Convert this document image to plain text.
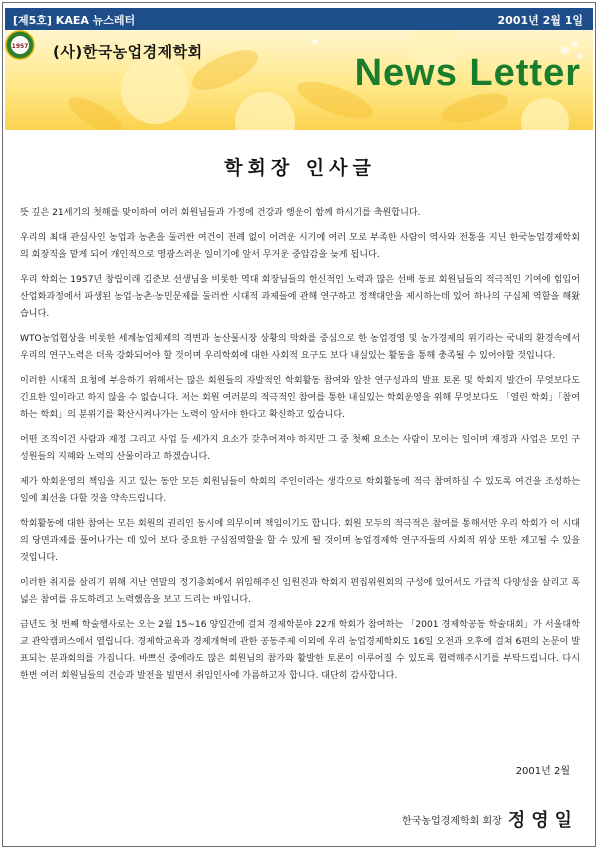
[제5호] KAEA 뉴스레터	2001년 2월 1일
1957 (사)한국농업경제학회	News Letter
학회장 인사글

뜻 깊은 21세기의 첫해를 맞이하여 여러 회원님들과 가정에 건강과 행운이 함께 하시기를 축원합니다.

우리의 최대 관심사인 농업과 농촌을 둘러싼 여건이 전례 없이 어려운 시기에 여러 모로 부족한 사람이 역사와 전통을 지닌 한국농업경제학회의 회장직을 맡게 되어 개인적으로 영광스러운 일이기에 앞서 무거운 중압감을 늦게 됩니다.

우리 학회는 1957년 창립이래 김준보 선생님을 비롯한 역대 회장님들의 헌신적인 노력과 많은 선배 동료 회원님들의 적극적인 기여에 힘입어 산업화과정에서 파생된 농업·농촌·농민문제를 둘러싼 시대적 과제들에 관해 연구하고 정책대안을 제시하는데 있어 하나의 구심체 역할을 해왔습니다.

WTO농업협상을 비롯한 세계농업체제의 격변과 농산물시장 상황의 악화를 중심으로 한 농업경영 및 농가경제의 위기라는 국내의 환경속에서 우리의 연구노력은 더욱 강화되어야 할 것이며 우리학회에 대한 사회적 요구도 보다 내실있는 활동을 통해 충족될 수 있어야할 것입니다.

이러한 시대적 요청에 부응하기 위해서는 많은 회원들의 자발적인 학회활동 참여와 알찬 연구성과의 발표 토론 및 학회지 발간이 무엇보다도 긴요한 일이라고 하지 않을 수 없습니다. 저는 회원 여러분의 적극적인 참여를 통한 내실있는 학회운영을 위해 무엇보다도 「열린 학회」「참여하는 학회」의 분위기를 확산시켜나가는 노력이 앞서야 한다고 확신하고 있습니다.

어떤 조직이건 사람과 재정 그리고 사업 등 세가지 요소가 갖추어져야 하지만 그 중 첫째 요소는 사람이 모이는 일이며 재정과 사업은 모인 구성원들의 지혜와 노력의 산물이라고 하겠습니다.

제가 학회운영의 책임을 지고 있는 동안 모든 회원님들이 학회의 주인이라는 생각으로 학회활동에 적극 참여하실 수 있도록 여건을 조성하는 일에 최선을 다할 것을 약속드립니다.

학회활동에 대한 참여는 모든 회원의 권리인 동시에 의무이며 책임이기도 합니다. 회원 모두의 적극적은 참여를 통해서만 우리 학회가 이 시대의 당면과제를 풀어나가는 데 있어 보다 중요한 구심점역할을 할 수 있게 될 것이며 농업경제학 연구자들의 사회적 위상 또한 제고될 수 있을 것입니다.

이러한 취지를 살리기 위해 지난 연말의 정기총회에서 위임해주신 임원진과 학회지 편집위원회의 구성에 있어서도 가급적 다양성을 살리고 폭넓은 참여를 유도하려고 노력했음을 보고 드리는 바입니다.

금년도 첫 번째 학술행사로는 오는 2월 15~16 양일간에 걸쳐 경제학분야 22개 학회가 참여하는 「2001 경제학공동 학술대회」가 서울대학교 관악캠퍼스에서 열립니다. 경제학교육과 경제개혁에 관한 공동주제 이외에 우리 농업경제학회도 16일 오전과 오후에 걸쳐 6편의 논문이 발표되는 분과회의를 가집니다. 바쁘신 중에라도 많은 회원님의 참가와 활발한 토론이 이루어질 수 있도록 협력해주시기를 부탁드립니다. 다시 한번 여러 회원님들의 건승과 발전을 빌면서 취임인사에 가름하고자 합니다. 대단히 감사합니다.

2001년 2월
한국농업경제학회 회장 정영일
